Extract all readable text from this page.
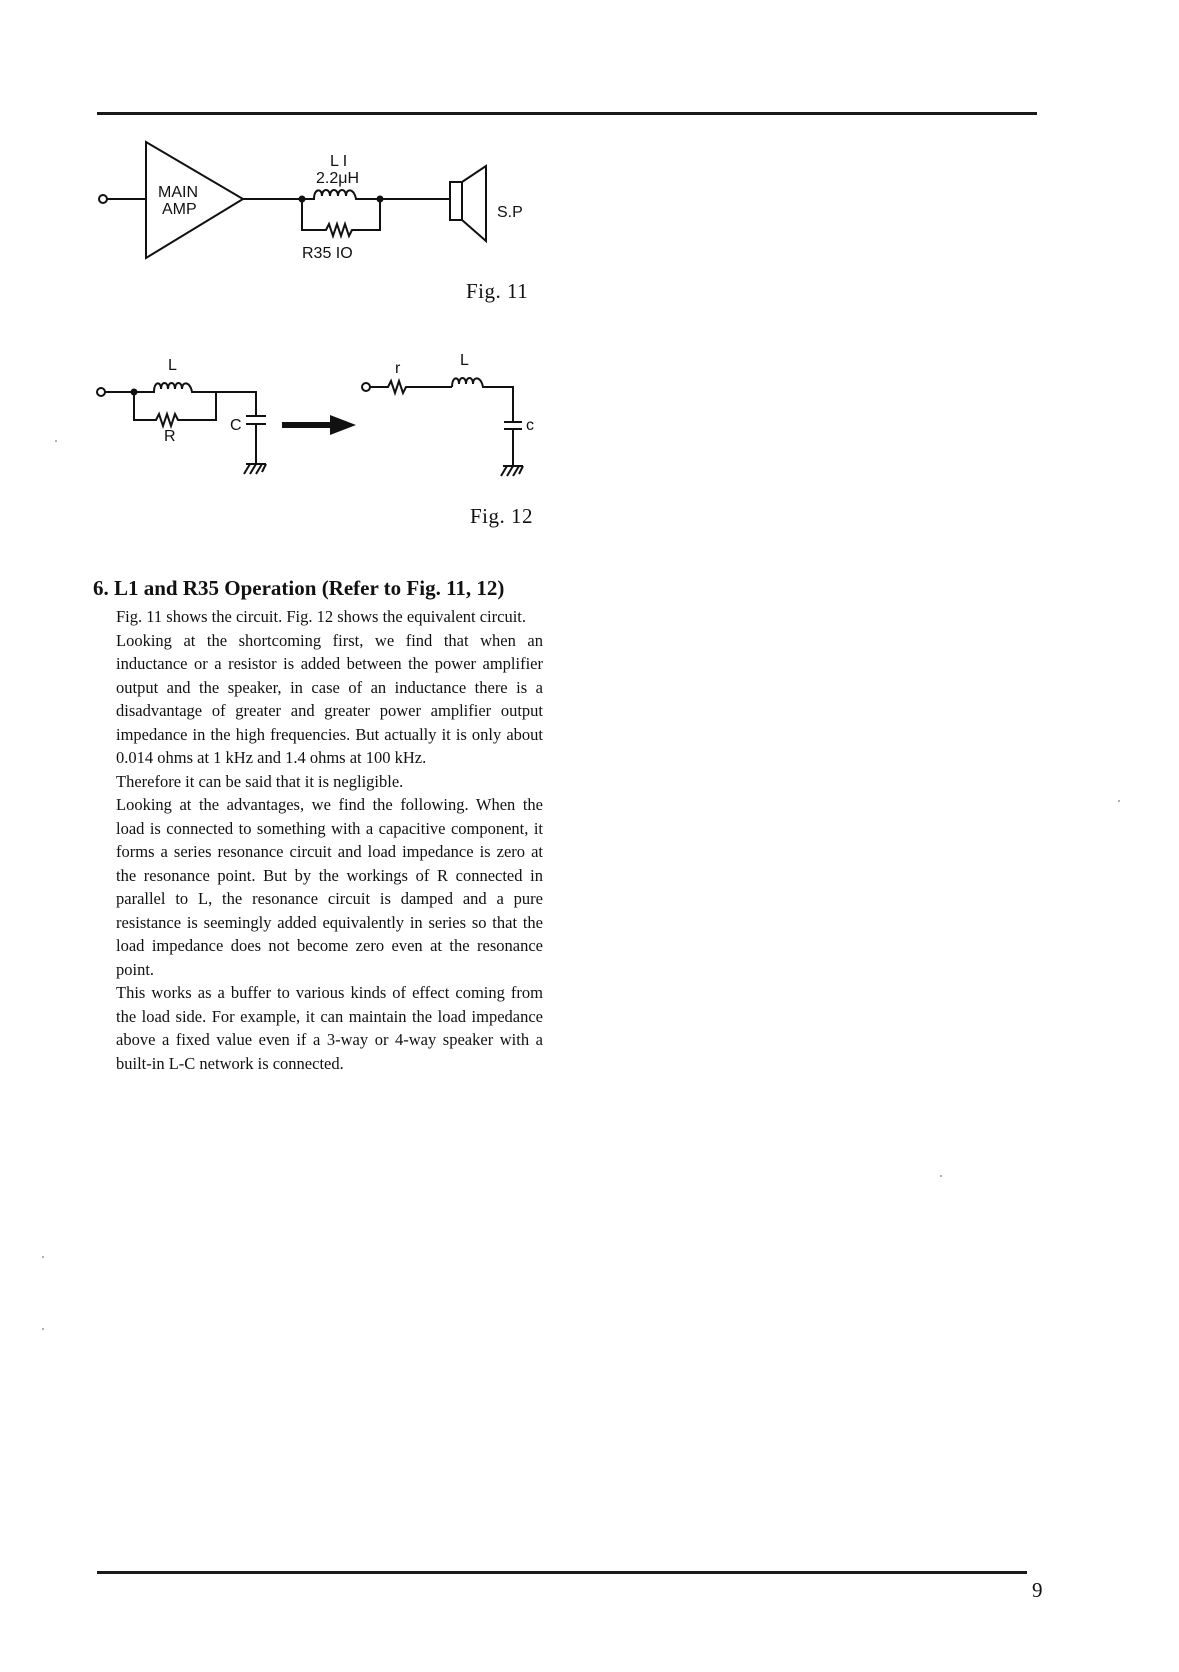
MAIN
AMP
L I
2.2μH
R35 IO
S.P
L
R
C
r	L
c
Fig. 11
Fig. 12
6. L1 and R35 Operation (Refer to Fig. 11, 12)

Fig. 11 shows the circuit. Fig. 12 shows the equivalent circuit.

Looking at the shortcoming first, we find that when an inductance or a resistor is added between the power amplifier output and the speaker, in case of an inductance there is a disadvantage of greater and greater power amplifier output impedance in the high frequencies. But actually it is only about 0.014 ohms at 1 kHz and 1.4 ohms at 100 kHz.

Therefore it can be said that it is negligible.

Looking at the advantages, we find the following. When the load is connected to something with a capacitive component, it forms a series resonance circuit and load impedance is zero at the resonance point. But by the workings of R connected in parallel to L, the resonance circuit is damped and a pure resistance is seemingly added equivalently in series so that the load impedance does not become zero even at the resonance point.

This works as a buffer to various kinds of effect coming from the load side. For example, it can maintain the load impedance above a fixed value even if a 3-way or 4-way speaker with a built-in L-C network is connected.

9
